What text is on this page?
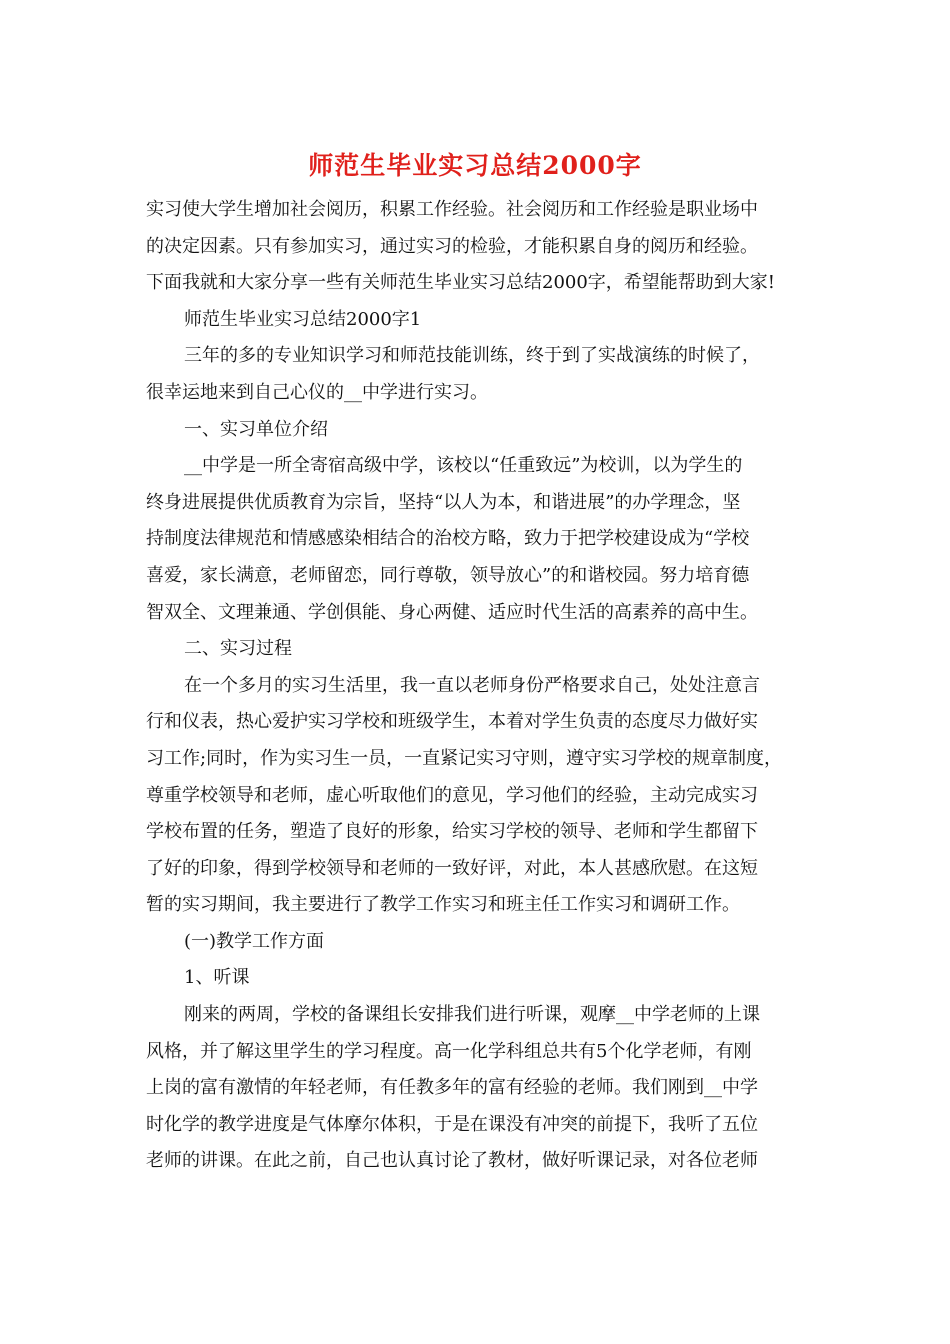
师范生毕业实习总结2000字
实习使大学生增加社会阅历，积累工作经验。社会阅历和工作经验是职业场中
的决定因素。只有参加实习，通过实习的检验，才能积累自身的阅历和经验。
下面我就和大家分享一些有关师范生毕业实习总结2000字，希望能帮助到大家!
师范生毕业实习总结2000字1
三年的多的专业知识学习和师范技能训练，终于到了实战演练的时候了，
很幸运地来到自己心仪的__中学进行实习。
一、实习单位介绍
__中学是一所全寄宿高级中学，该校以“任重致远”为校训，以为学生的
终身进展提供优质教育为宗旨，坚持“以人为本，和谐进展”的办学理念，坚
持制度法律规范和情感感染相结合的治校方略，致力于把学校建设成为“学校
喜爱，家长满意，老师留恋，同行尊敬，领导放心”的和谐校园。努力培育德
智双全、文理兼通、学创俱能、身心两健、适应时代生活的高素养的高中生。
二、实习过程
在一个多月的实习生活里，我一直以老师身份严格要求自己，处处注意言
行和仪表，热心爱护实习学校和班级学生，本着对学生负责的态度尽力做好实
习工作;同时，作为实习生一员，一直紧记实习守则，遵守实习学校的规章制度，
尊重学校领导和老师，虚心听取他们的意见，学习他们的经验，主动完成实习
学校布置的任务，塑造了良好的形象，给实习学校的领导、老师和学生都留下
了好的印象，得到学校领导和老师的一致好评，对此，本人甚感欣慰。在这短
暂的实习期间，我主要进行了教学工作实习和班主任工作实习和调研工作。
(一)教学工作方面
1、听课
刚来的两周，学校的备课组长安排我们进行听课，观摩__中学老师的上课
风格，并了解这里学生的学习程度。高一化学科组总共有5个化学老师，有刚
上岗的富有激情的年轻老师，有任教多年的富有经验的老师。我们刚到__中学
时化学的教学进度是气体摩尔体积，于是在课没有冲突的前提下，我听了五位
老师的讲课。在此之前，自己也认真讨论了教材，做好听课记录，对各位老师
